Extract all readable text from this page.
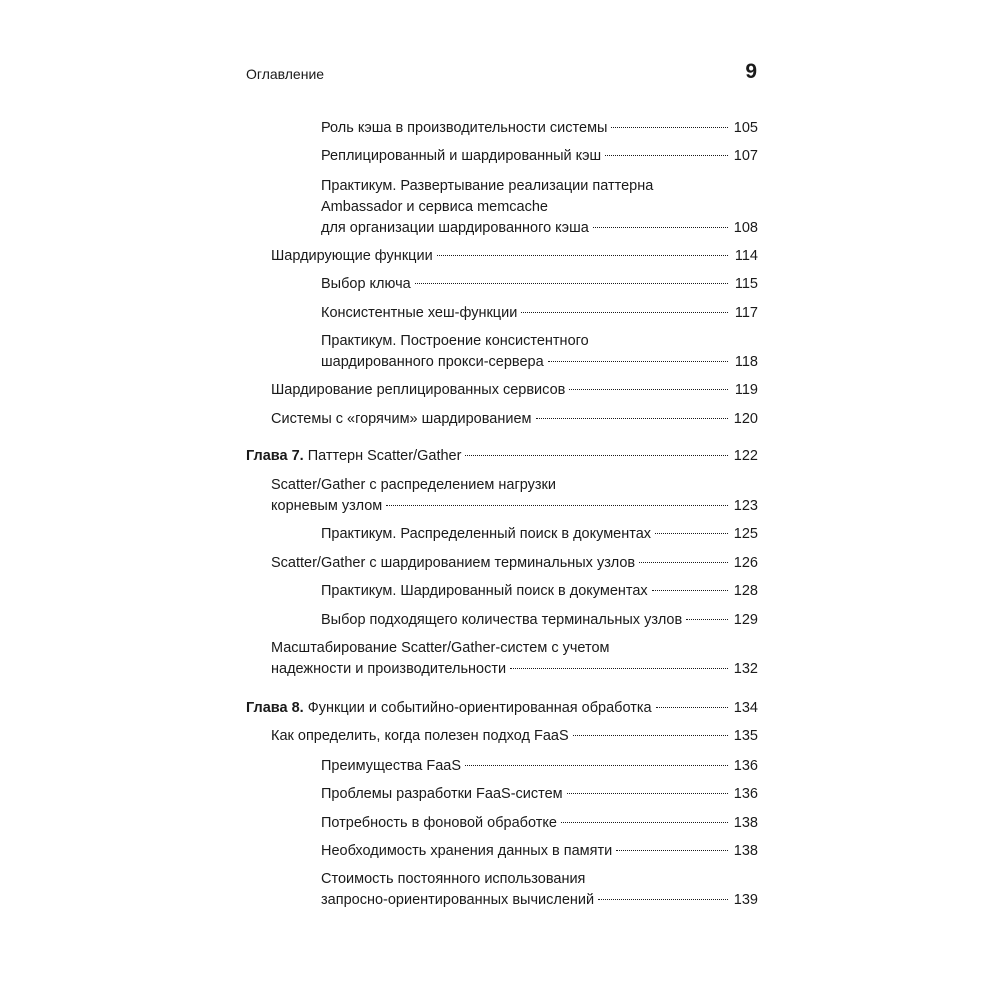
Оглавление	9
Роль кэша в производительности системы	105
Реплицированный и шардированный кэш	107
Практикум. Развертывание реализации паттерна
Ambassador и сервиса memcache
для организации шардированного кэша	108
Шардирующие функции	114
Выбор ключа	115
Консистентные хеш-функции	117
Практикум. Построение консистентного
шардированного прокси-сервера	118
Шардирование реплицированных сервисов	119
Системы с «горячим» шардированием	120
Глава 7. Паттерн Scatter/Gather	122
Scatter/Gather с распределением нагрузки
корневым узлом	123
Практикум. Распределенный поиск в документах	125
Scatter/Gather с шардированием терминальных узлов	126
Практикум. Шардированный поиск в документах	128
Выбор подходящего количества терминальных узлов	129
Масштабирование Scatter/Gather-систем с учетом
надежности и производительности	132
Глава 8. Функции и событийно-ориентированная обработка	134
Как определить, когда полезен подход FaaS	135
Преимущества FaaS	136
Проблемы разработки FaaS-систем	136
Потребность в фоновой обработке	138
Необходимость хранения данных в памяти	138
Стоимость постоянного использования
запросно-ориентированных вычислений	139
